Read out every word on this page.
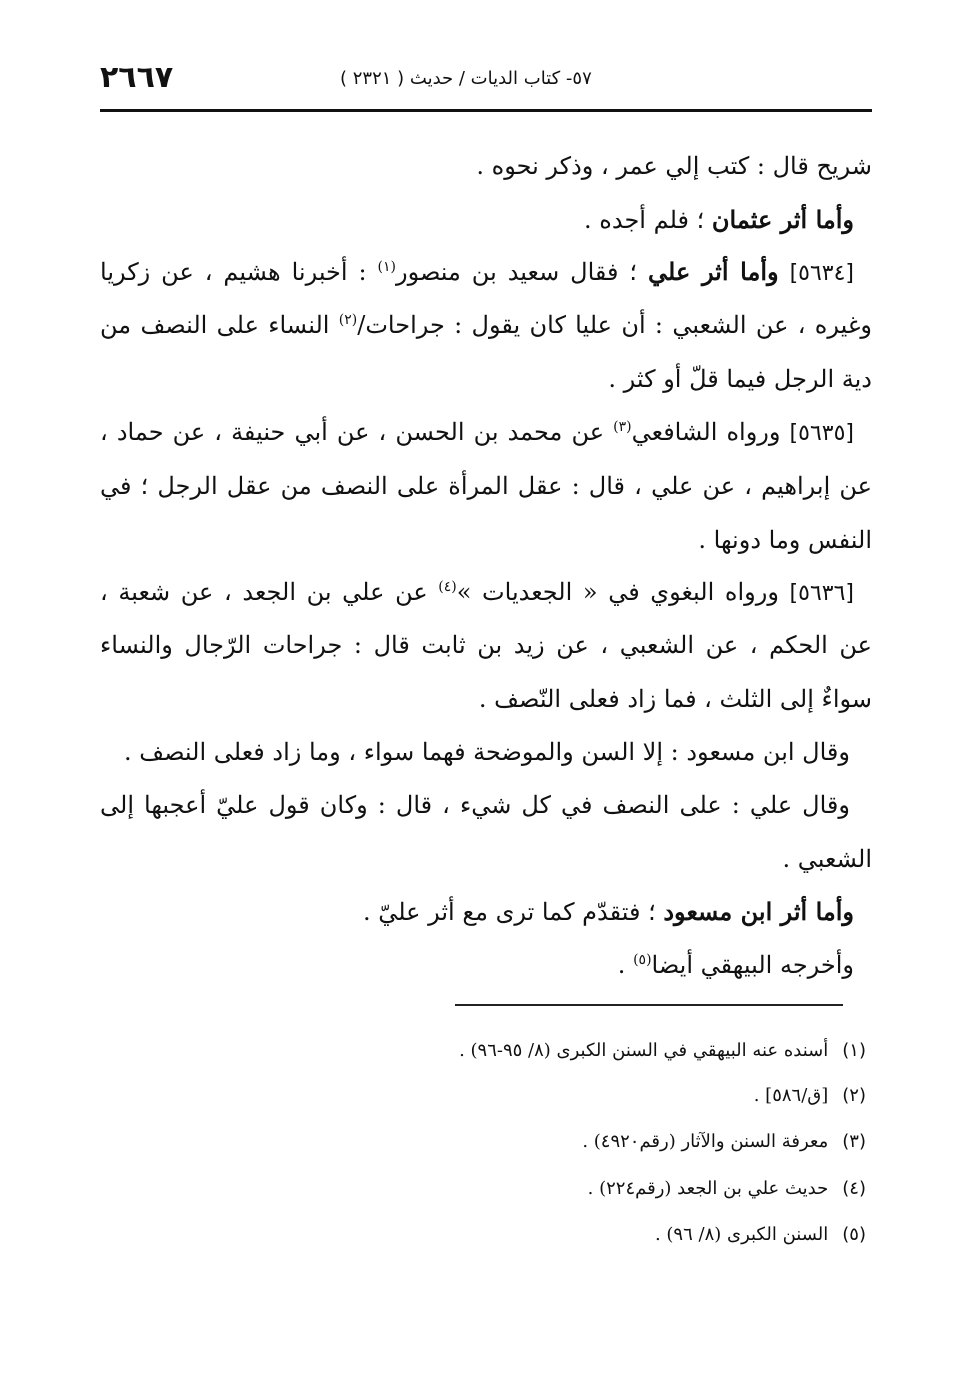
٢٦٦٧	٥٧- كتاب الديات / حديث ( ٢٣٢١ )
شريح قال : كتب إلي عمر ، وذكر نحوه .
وأما أثر عثمان ؛ فلم أجده .
[٥٦٣٤] وأما أثر علي ؛ فقال سعيد بن منصور$^{(١)}$ : أخبرنا هشيم ، عن زكريا
وغيره ، عن الشعبي : أن عليا كان يقول : جراحات/$^{(٢)}$ النساء على النصف من
دية الرجل فيما قلّ أو كثر .
[٥٦٣٥] ورواه الشافعي$^{(٣)}$ عن محمد بن الحسن ، عن أبي حنيفة ، عن حماد ،
عن إبراهيم ، عن علي ، قال : عقل المرأة على النصف من عقل الرجل ؛ في
النفس وما دونها .
[٥٦٣٦] ورواه البغوي في « الجعديات »$^{(٤)}$ عن علي بن الجعد ، عن شعبة ،
عن الحكم ، عن الشعبي ، عن زيد بن ثابت قال : جراحات الرّجال والنساء
سواءٌ إلى الثلث ، فما زاد فعلى النّصف .
وقال ابن مسعود : إلا السن والموضحة فهما سواء ، وما زاد فعلى النصف .
وقال علي : على النصف في كل شيء ، قال : وكان قول عليّ أعجبها إلى
الشعبي .
وأما أثر ابن مسعود ؛ فتقدّم كما ترى مع أثر عليّ .
وأخرجه البيهقي أيضا$^{(٥)}$ .
(١)أسنده عنه البيهقي في السنن الكبرى (٨/ ٩٥-٩٦) .
(٢)[ق/٥٨٦] .
(٣)معرفة السنن والآثار (رقم٤٩٢٠) .
(٤)حديث علي بن الجعد (رقم٢٢٤) .
(٥)السنن الكبرى (٨/ ٩٦) .
